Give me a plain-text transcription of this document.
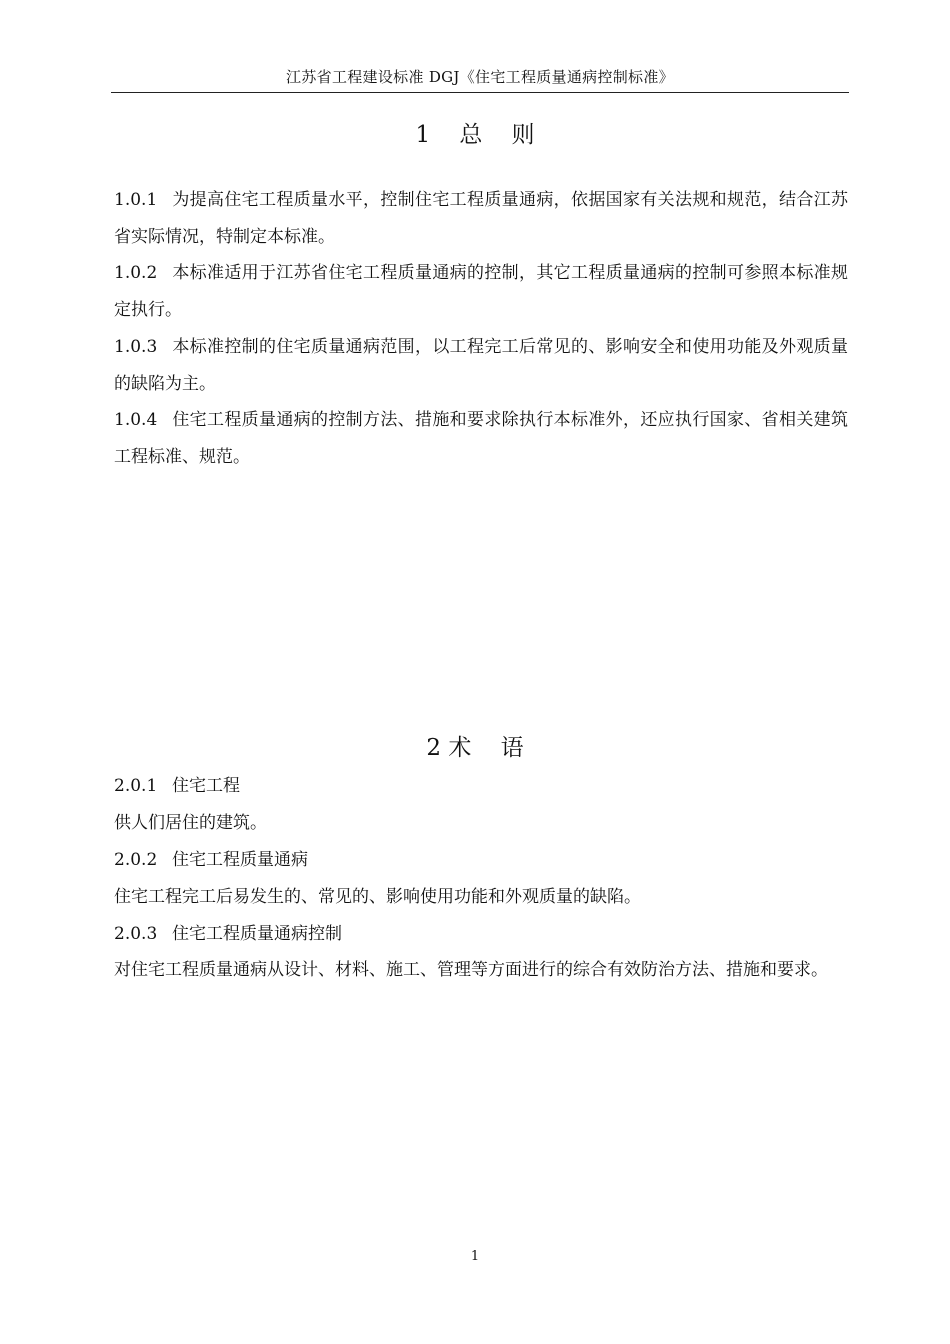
江苏省工程建设标准 DGJ《住宅工程质量通病控制标准》
1    总    则

1.0.1 为提高住宅工程质量水平，控制住宅工程质量通病，依据国家有关法规和规范，结合江苏省实际情况，特制定本标准。

1.0.2 本标准适用于江苏省住宅工程质量通病的控制，其它工程质量通病的控制可参照本标准规定执行。

1.0.3 本标准控制的住宅质量通病范围，以工程完工后常见的、影响安全和使用功能及外观质量的缺陷为主。

1.0.4 住宅工程质量通病的控制方法、措施和要求除执行本标准外，还应执行国家、省相关建筑工程标准、规范。

2 术    语

2.0.1 住宅工程

供人们居住的建筑。

2.0.2 住宅工程质量通病

住宅工程完工后易发生的、常见的、影响使用功能和外观质量的缺陷。

2.0.3 住宅工程质量通病控制

对住宅工程质量通病从设计、材料、施工、管理等方面进行的综合有效防治方法、措施和要求。

1
